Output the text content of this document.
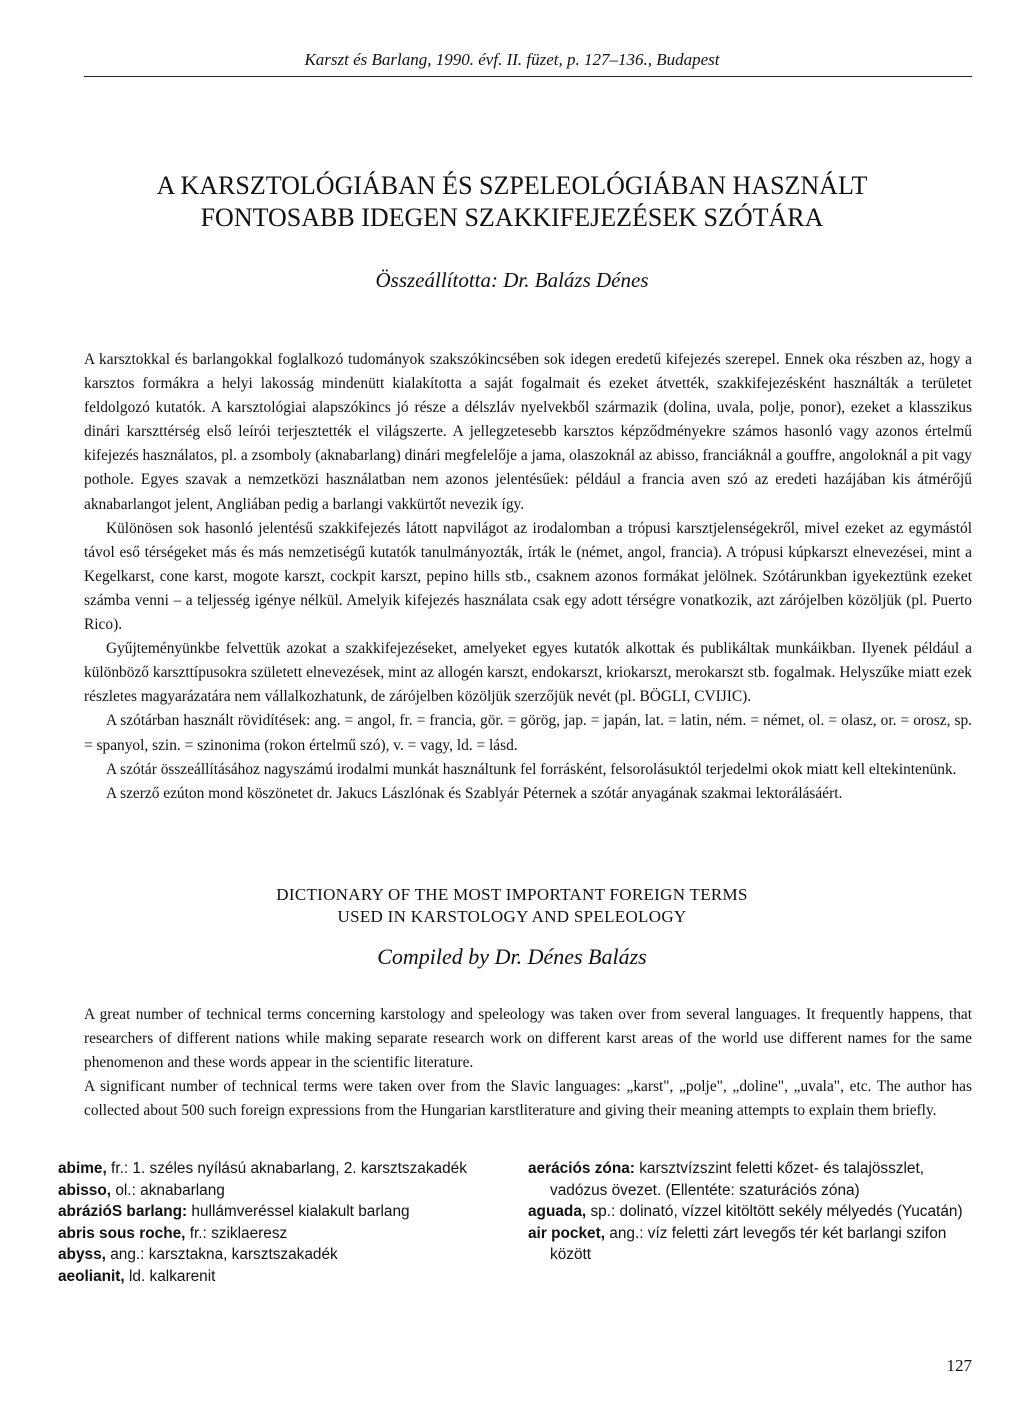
Karszt és Barlang, 1990. évf. II. füzet, p. 127–136., Budapest
A KARSZTOLÓGIÁBAN ÉS SZPELEOLÓGIÁBAN HASZNÁLT
FONTOSABB IDEGEN SZAKKIFEJEZÉSEK SZÓTÁRA
Összeállította: Dr. Balázs Dénes

A karsztokkal és barlangokkal foglalkozó tudományok szakszókincsében sok idegen eredetű kifejezés szerepel. Ennek oka részben az, hogy a karsztos formákra a helyi lakosság mindenütt kialakította a saját fogalmait és ezeket átvették, szakkifejezésként használták a területet feldolgozó kutatók. A karsztológiai alapszókincs jó része a délszláv nyelvekből származik (dolina, uvala, polje, ponor), ezeket a klasszikus dinári karszttérség első leírói terjesztették el világszerte. A jellegzetesebb karsztos képződményekre számos hasonló vagy azonos értelmű kifejezés használatos, pl. a zsomboly (aknabarlang) dinári megfelelője a jama, olaszoknál az abisso, franciáknál a gouffre, angoloknál a pit vagy pothole. Egyes szavak a nemzetközi használatban nem azonos jelentésűek: például a francia aven szó az eredeti hazájában kis átmérőjű aknabarlangot jelent, Angliában pedig a barlangi vakkürtőt nevezik így.

Különösen sok hasonló jelentésű szakkifejezés látott napvilágot az irodalomban a trópusi karsztjelenségekről, mivel ezeket az egymástól távol eső térségeket más és más nemzetiségű kutatók tanulmányozták, írták le (német, angol, francia). A trópusi kúpkarszt elnevezései, mint a Kegelkarst, cone karst, mogote karszt, cockpit karszt, pepino hills stb., csaknem azonos formákat jelölnek. Szótárunkban igyekeztünk ezeket számba venni – a teljesség igénye nélkül. Amelyik kifejezés használata csak egy adott térségre vonatkozik, azt zárójelben közöljük (pl. Puerto Rico).

Gyűjteményünkbe felvettük azokat a szakkifejezéseket, amelyeket egyes kutatók alkottak és publikáltak munkáikban. Ilyenek például a különböző karszttípusokra született elnevezések, mint az allogén karszt, endokarszt, kriokarszt, merokarszt stb. fogalmak. Helyszűke miatt ezek részletes magyarázatára nem vállalkozhatunk, de zárójelben közöljük szerzőjük nevét (pl. BÖGLI, CVIJIC).

A szótárban használt rövidítések: ang. = angol, fr. = francia, gör. = görög, jap. = japán, lat. = latin, ném. = német, ol. = olasz, or. = orosz, sp. = spanyol, szin. = szinonima (rokon értelmű szó), v. = vagy, ld. = lásd.

A szótár összeállításához nagyszámú irodalmi munkát használtunk fel forrásként, felsorolásuktól terjedelmi okok miatt kell eltekintenünk.

A szerző ezúton mond köszönetet dr. Jakucs Lászlónak és Szablyár Péternek a szótár anyagának szakmai lektorálásáért.

DICTIONARY OF THE MOST IMPORTANT FOREIGN TERMS
USED IN KARSTOLOGY AND SPELEOLOGY
Compiled by Dr. Dénes Balázs

A great number of technical terms concerning karstology and speleology was taken over from several languages. It frequently happens, that researchers of different nations while making separate research work on different karst areas of the world use different names for the same phenomenon and these words appear in the scientific literature.

A significant number of technical terms were taken over from the Slavic languages: „karst", „polje", „doline", „uvala", etc. The author has collected about 500 such foreign expressions from the Hungarian karstliterature and giving their meaning attempts to explain them briefly.

abime, fr.: 1. széles nyílású aknabarlang, 2. karsztszakadék
abisso, ol.: aknabarlang
abrázióS barlang: hullámveréssel kialakult barlang
abris sous roche, fr.: sziklaeresz
abyss, ang.: karsztakna, karsztszakadék
aeolianit, ld. kalkarenit
aerációs zóna: karsztvízszint feletti kőzet- és talajösszlet, vadózus övezet. (Ellentéte: szaturációs zóna)
aguada, sp.: dolinató, vízzel kitöltött sekély mélyedés (Yucatán)
air pocket, ang.: víz feletti zárt levegős tér két barlangi szifon között
127
